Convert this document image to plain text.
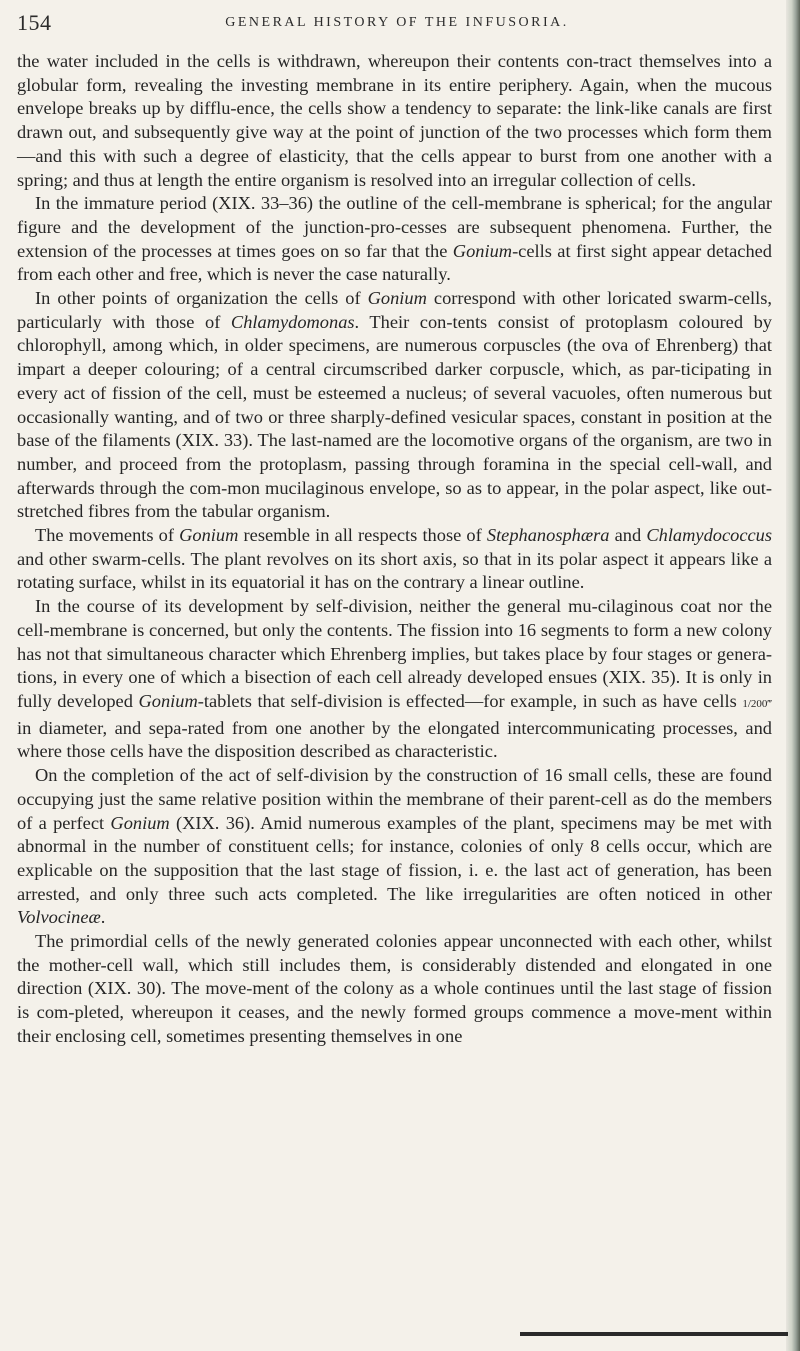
154	GENERAL HISTORY OF THE INFUSORIA.

the water included in the cells is withdrawn, whereupon their contents con-tract themselves into a globular form, revealing the investing membrane in its entire periphery. Again, when the mucous envelope breaks up by difflu-ence, the cells show a tendency to separate: the link-like canals are first drawn out, and subsequently give way at the point of junction of the two processes which form them—and this with such a degree of elasticity, that the cells appear to burst from one another with a spring; and thus at length the entire organism is resolved into an irregular collection of cells.

In the immature period (XIX. 33–36) the outline of the cell-membrane is spherical; for the angular figure and the development of the junction-pro-cesses are subsequent phenomena. Further, the extension of the processes at times goes on so far that the Gonium-cells at first sight appear detached from each other and free, which is never the case naturally.

In other points of organization the cells of Gonium correspond with other loricated swarm-cells, particularly with those of Chlamydomonas. Their con-tents consist of protoplasm coloured by chlorophyll, among which, in older specimens, are numerous corpuscles (the ova of Ehrenberg) that impart a deeper colouring; of a central circumscribed darker corpuscle, which, as par-ticipating in every act of fission of the cell, must be esteemed a nucleus; of several vacuoles, often numerous but occasionally wanting, and of two or three sharply-defined vesicular spaces, constant in position at the base of the filaments (XIX. 33). The last-named are the locomotive organs of the organism, are two in number, and proceed from the protoplasm, passing through foramina in the special cell-wall, and afterwards through the com-mon mucilaginous envelope, so as to appear, in the polar aspect, like out-stretched fibres from the tabular organism.

The movements of Gonium resemble in all respects those of Stephanosphæra and Chlamydococcus and other swarm-cells. The plant revolves on its short axis, so that in its polar aspect it appears like a rotating surface, whilst in its equatorial it has on the contrary a linear outline.

In the course of its development by self-division, neither the general mu-cilaginous coat nor the cell-membrane is concerned, but only the contents. The fission into 16 segments to form a new colony has not that simultaneous character which Ehrenberg implies, but takes place by four stages or genera-tions, in every one of which a bisection of each cell already developed ensues (XIX. 35). It is only in fully developed Gonium-tablets that self-division is effected—for example, in such as have cells 1/200‴ in diameter, and sepa-rated from one another by the elongated intercommunicating processes, and where those cells have the disposition described as characteristic.

On the completion of the act of self-division by the construction of 16 small cells, these are found occupying just the same relative position within the membrane of their parent-cell as do the members of a perfect Gonium (XIX. 36). Amid numerous examples of the plant, specimens may be met with abnormal in the number of constituent cells; for instance, colonies of only 8 cells occur, which are explicable on the supposition that the last stage of fission, i. e. the last act of generation, has been arrested, and only three such acts completed. The like irregularities are often noticed in other Volvocineæ.

The primordial cells of the newly generated colonies appear unconnected with each other, whilst the mother-cell wall, which still includes them, is considerably distended and elongated in one direction (XIX. 30). The move-ment of the colony as a whole continues until the last stage of fission is com-pleted, whereupon it ceases, and the newly formed groups commence a move-ment within their enclosing cell, sometimes presenting themselves in one
